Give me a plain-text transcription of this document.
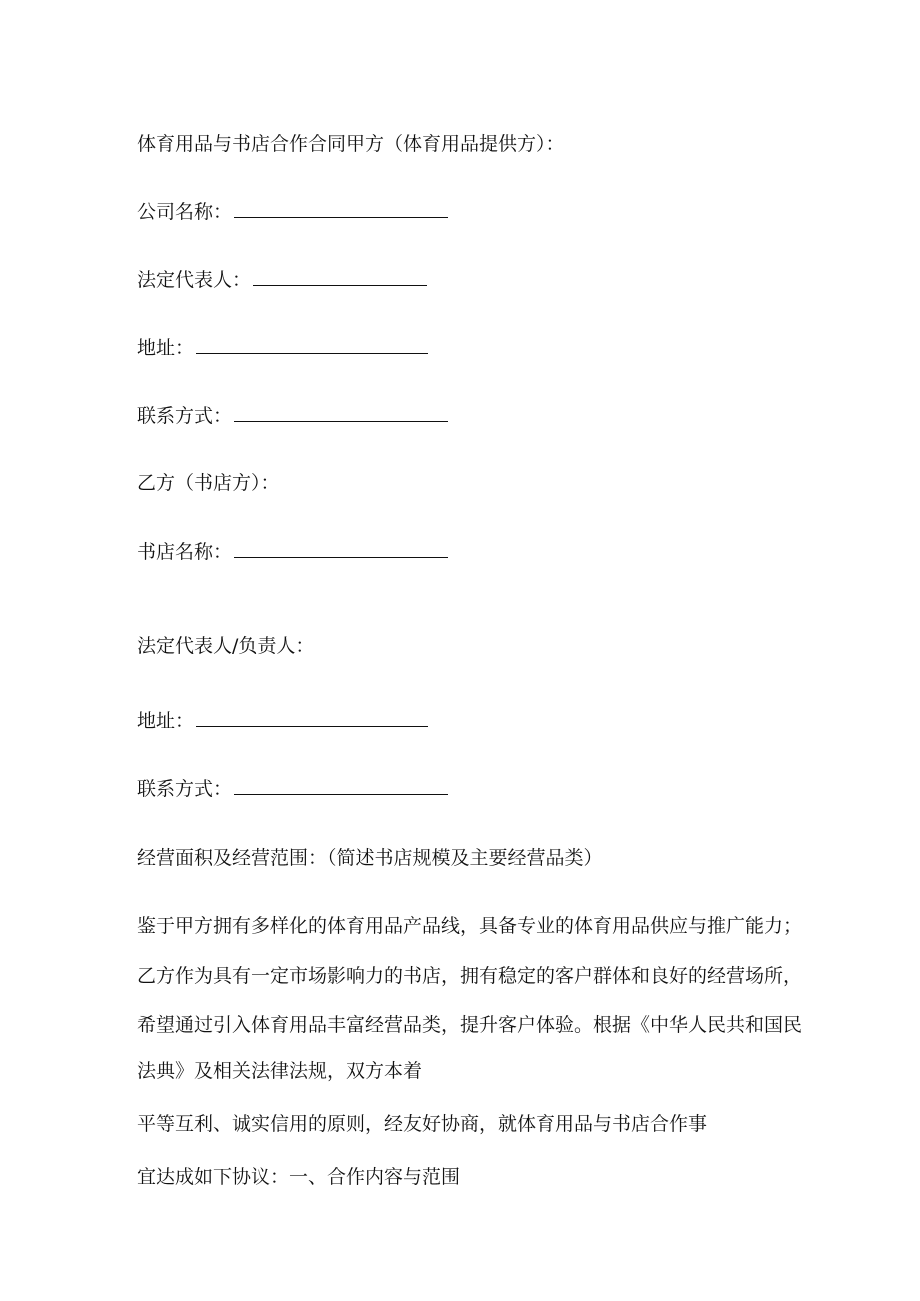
体育用品与书店合作合同甲方（体育用品提供方）：

公司名称：

法定代表人：

地址：

联系方式：

乙方（书店方）：

书店名称：

法定代表人/负责人：

地址：

联系方式：

经营面积及经营范围：（简述书店规模及主要经营品类）

鉴于甲方拥有多样化的体育用品产品线，具备专业的体育用品供应与推广能力；

乙方作为具有一定市场影响力的书店，拥有稳定的客户群体和良好的经营场所，

希望通过引入体育用品丰富经营品类，提升客户体验。根据《中华人民共和国民

法典》及相关法律法规，双方本着

平等互利、诚实信用的原则，经友好协商，就体育用品与书店合作事

宜达成如下协议：一、合作内容与范围
